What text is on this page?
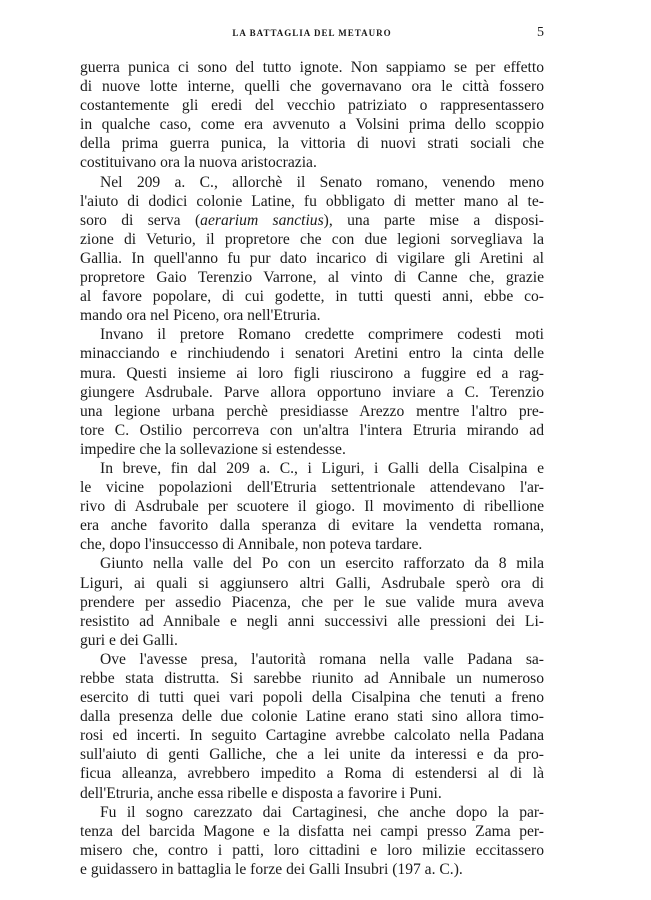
LA BATTAGLIA DEL METAURO	5
guerra punica ci sono del tutto ignote. Non sappiamo se per effetto
di nuove lotte interne, quelli che governavano ora le città fossero
costantemente gli eredi del vecchio patriziato o rappresentassero
in qualche caso, come era avvenuto a Volsini prima dello scoppio
della prima guerra punica, la vittoria di nuovi strati sociali che
costituivano ora la nuova aristocrazia.
Nel 209 a. C., allorchè il Senato romano, venendo meno
l'aiuto di dodici colonie Latine, fu obbligato di metter mano al te-
soro di serva (aerarium sanctius), una parte mise a disposi-
zione di Veturio, il propretore che con due legioni sorvegliava la
Gallia. In quell'anno fu pur dato incarico di vigilare gli Aretini al
propretore Gaio Terenzio Varrone, al vinto di Canne che, grazie
al favore popolare, di cui godette, in tutti questi anni, ebbe co-
mando ora nel Piceno, ora nell'Etruria.
Invano il pretore Romano credette comprimere codesti moti
minacciando e rinchiudendo i senatori Aretini entro la cinta delle
mura. Questi insieme ai loro figli riuscirono a fuggire ed a rag-
giungere Asdrubale. Parve allora opportuno inviare a C. Terenzio
una legione urbana perchè presidiasse Arezzo mentre l'altro pre-
tore C. Ostilio percorreva con un'altra l'intera Etruria mirando ad
impedire che la sollevazione si estendesse.
In breve, fin dal 209 a. C., i Liguri, i Galli della Cisalpina e
le vicine popolazioni dell'Etruria settentrionale attendevano l'ar-
rivo di Asdrubale per scuotere il giogo. Il movimento di ribellione
era anche favorito dalla speranza di evitare la vendetta romana,
che, dopo l'insuccesso di Annibale, non poteva tardare.
Giunto nella valle del Po con un esercito rafforzato da 8 mila
Liguri, ai quali si aggiunsero altri Galli, Asdrubale sperò ora di
prendere per assedio Piacenza, che per le sue valide mura aveva
resistito ad Annibale e negli anni successivi alle pressioni dei Li-
guri e dei Galli.
Ove l'avesse presa, l'autorità romana nella valle Padana sa-
rebbe stata distrutta. Si sarebbe riunito ad Annibale un numeroso
esercito di tutti quei vari popoli della Cisalpina che tenuti a freno
dalla presenza delle due colonie Latine erano stati sino allora timo-
rosi ed incerti. In seguito Cartagine avrebbe calcolato nella Padana
sull'aiuto di genti Galliche, che a lei unite da interessi e da pro-
ficua alleanza, avrebbero impedito a Roma di estendersi al di là
dell'Etruria, anche essa ribelle e disposta a favorire i Puni.
Fu il sogno carezzato dai Cartaginesi, che anche dopo la par-
tenza del barcida Magone e la disfatta nei campi presso Zama per-
misero che, contro i patti, loro cittadini e loro milizie eccitassero
e guidassero in battaglia le forze dei Galli Insubri (197 a. C.).
